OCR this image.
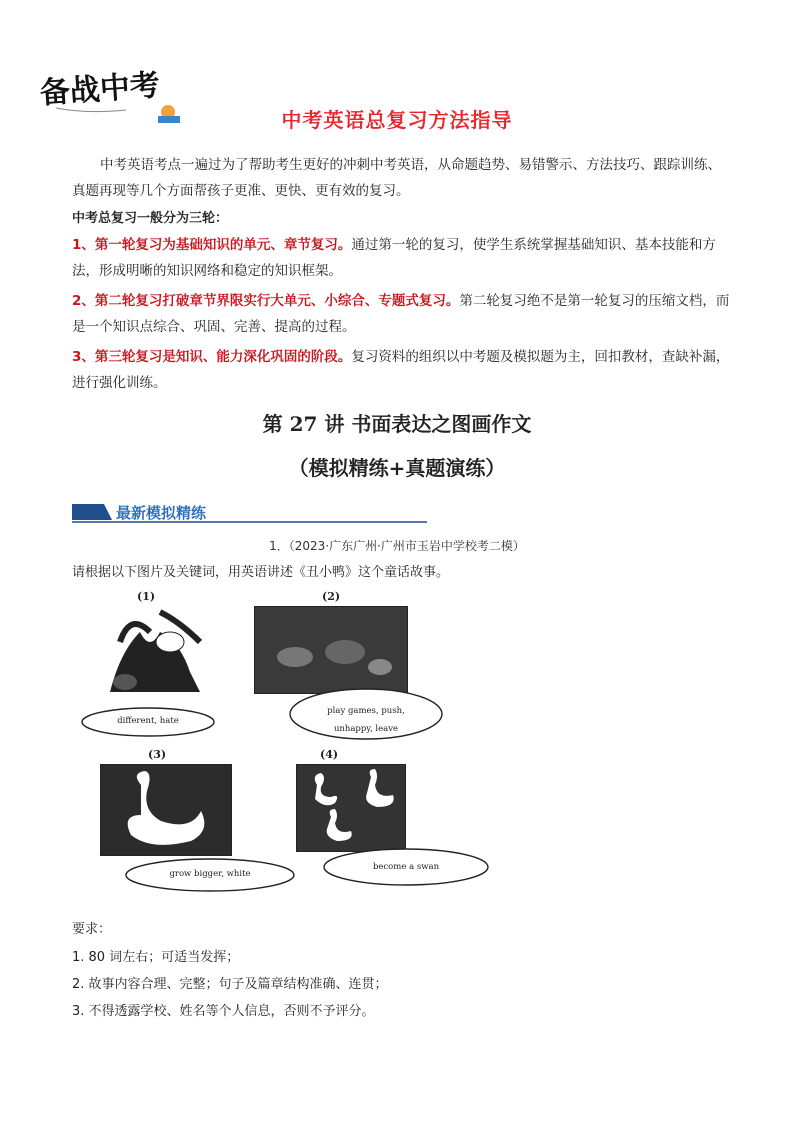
备战中考
中考英语总复习方法指导
中考英语考点一遍过为了帮助考生更好的冲刺中考英语，从命题趋势、易错警示、方法技巧、跟踪训练、真题再现等几个方面帮孩子更准、更快、更有效的复习。
中考总复习一般分为三轮：
1、第一轮复习为基础知识的单元、章节复习。通过第一轮的复习，使学生系统掌握基础知识、基本技能和方法，形成明晰的知识网络和稳定的知识框架。
2、第二轮复习打破章节界限实行大单元、小综合、专题式复习。第二轮复习绝不是第一轮复习的压缩文档，而是一个知识点综合、巩固、完善、提高的过程。
3、第三轮复习是知识、能力深化巩固的阶段。复习资料的组织以中考题及模拟题为主，回扣教材，查缺补漏，进行强化训练。
第 27 讲 书面表达之图画作文
（模拟精练+真题演练）
最新模拟精练
1．（2023·广东广州·广州市玉岩中学校考二模）
请根据以下图片及关键词，用英语讲述《丑小鸭》这个童话故事。
(1)
different, hate
(2)
play games, push,
unhappy, leave
(3)
grow bigger, white
(4)
become a swan
要求：
1. 80 词左右；可适当发挥；
2. 故事内容合理、完整；句子及篇章结构准确、连贯；
3. 不得透露学校、姓名等个人信息，否则不予评分。
